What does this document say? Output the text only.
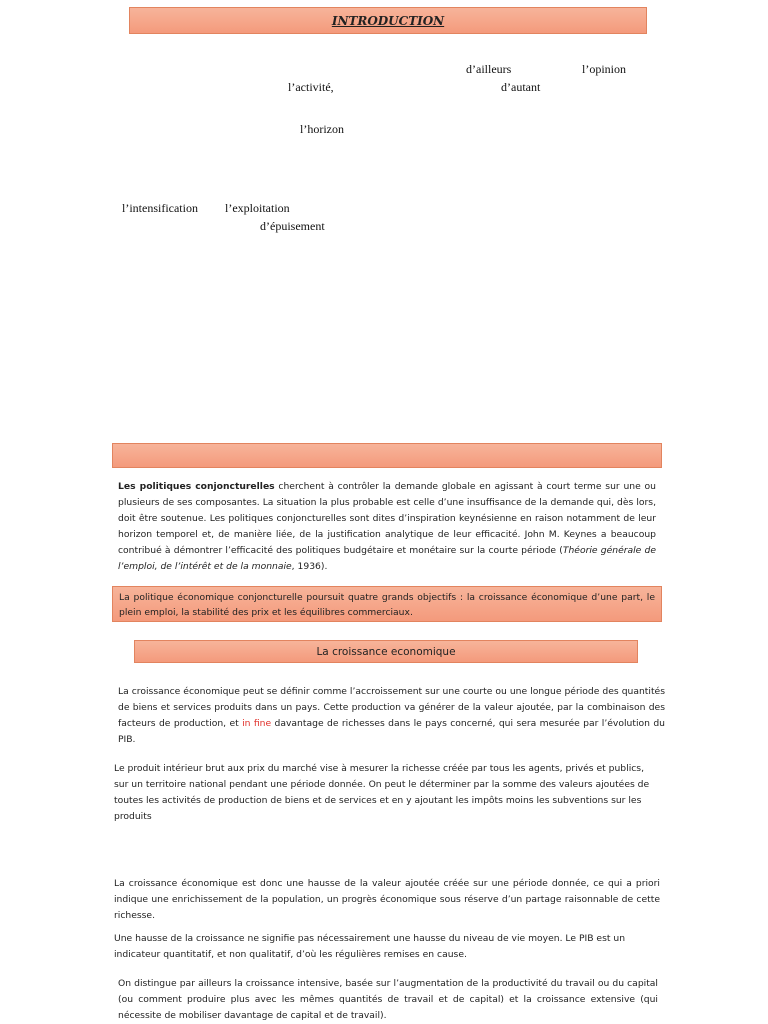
INTRODUCTION
d’ailleurs	l’opinion
l’activité,	d’autant
l’horizon
l’intensification l’exploitation
d’épuisement
Les politiques conjoncturelles cherchent à contrôler la demande globale en agissant à court terme sur une ou plusieurs de ses composantes. La situation la plus probable est celle d’une insuffisance de la demande qui, dès lors, doit être soutenue. Les politiques conjoncturelles sont dites d’inspiration keynésienne en raison notamment de leur horizon temporel et, de manière liée, de la justification analytique de leur efficacité. John M. Keynes a beaucoup contribué à démontrer l’efficacité des politiques budgétaire et monétaire sur la courte période (Théorie générale de l’emploi, de l’intérêt et de la monnaie, 1936).
La politique économique conjoncturelle poursuit quatre grands objectifs : la croissance économique d’une part, le plein emploi, la stabilité des prix et les équilibres commerciaux.
La croissance economique
La croissance économique peut se définir comme l’accroissement sur une courte ou une longue période des quantités de biens et services produits dans un pays. Cette production va générer de la valeur ajoutée, par la combinaison des facteurs de production, et in fine davantage de richesses dans le pays concerné, qui sera mesurée par l’évolution du PIB.
Le produit intérieur brut aux prix du marché vise à mesurer la richesse créée par tous les agents, privés et publics, sur un territoire national pendant une période donnée. On peut le déterminer par la somme des valeurs ajoutées de toutes les activités de production de biens et de services et en y ajoutant les impôts moins les subventions sur les produits
La croissance économique est donc une hausse de la valeur ajoutée créée sur une période donnée, ce qui a priori indique une enrichissement de la population, un progrès économique sous réserve d’un partage raisonnable de cette richesse.
Une hausse de la croissance ne signifie pas nécessairement une hausse du niveau de vie moyen. Le PIB est un indicateur quantitatif, et non qualitatif, d’où les régulières remises en cause.
On distingue par ailleurs la croissance intensive, basée sur l’augmentation de la productivité du travail ou du capital (ou comment produire plus avec les mêmes quantités de travail et de capital) et la croissance extensive (qui nécessite de mobiliser davantage de capital et de travail).
